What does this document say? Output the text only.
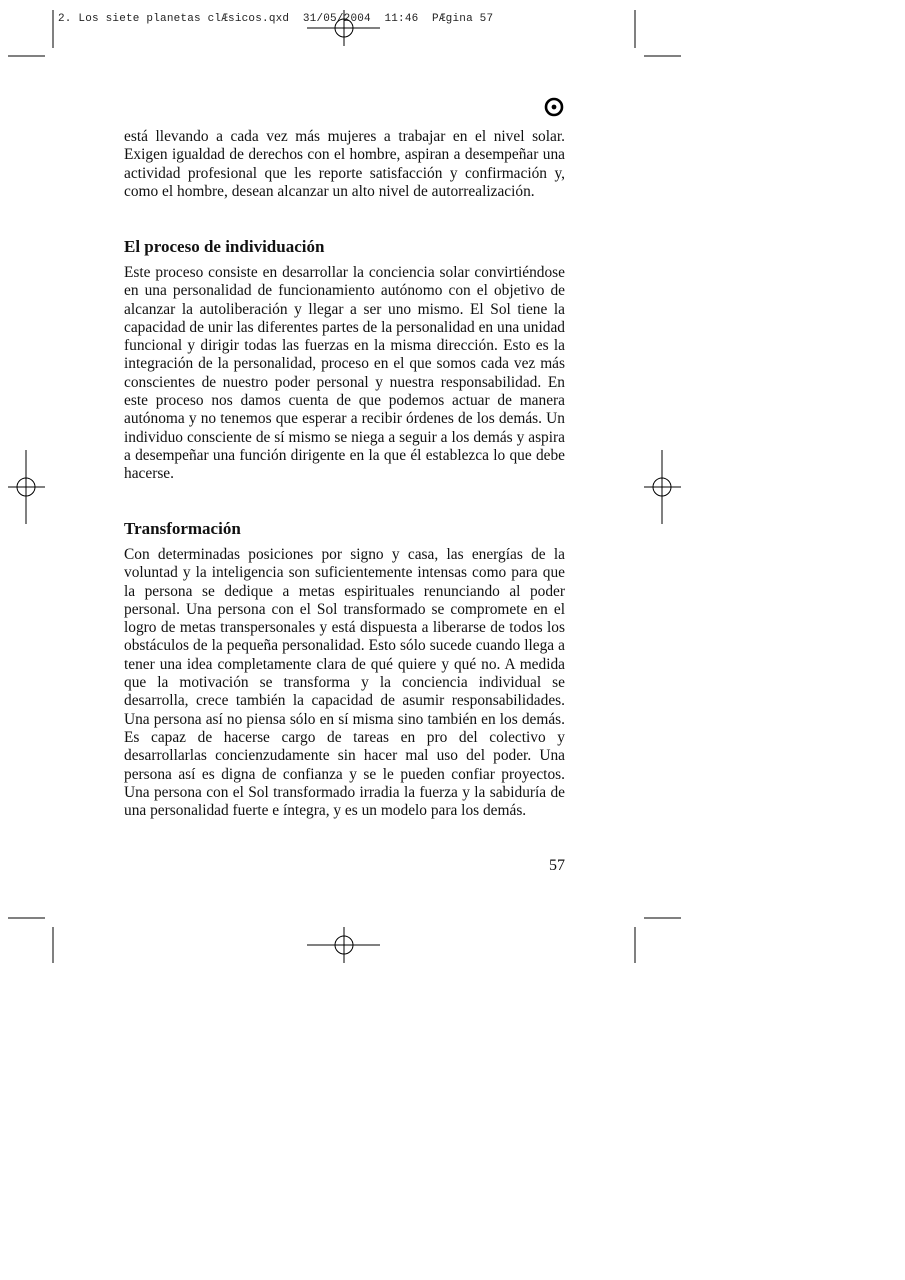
2. Los siete planetas clÆsicos.qxd  31/05/2004  11:46  PÆgina 57

está llevando a cada vez más mujeres a trabajar en el nivel solar. Exigen igualdad de derechos con el hombre, aspiran a desempeñar una actividad profesional que les reporte satisfacción y confirmación y, como el hombre, desean alcanzar un alto nivel de autorrealización.

El proceso de individuación

Este proceso consiste en desarrollar la conciencia solar convirtiéndose en una personalidad de funcionamiento autónomo con el objetivo de alcanzar la autoliberación y llegar a ser uno mismo. El Sol tiene la capacidad de unir las diferentes partes de la personalidad en una unidad funcional y dirigir todas las fuerzas en la misma dirección. Esto es la integración de la personalidad, proceso en el que somos cada vez más conscientes de nuestro poder personal y nuestra responsabilidad. En este proceso nos damos cuenta de que podemos actuar de manera autónoma y no tenemos que esperar a recibir órdenes de los demás. Un individuo consciente de sí mismo se niega a seguir a los demás y aspira a desempeñar una función dirigente en la que él establezca lo que debe hacerse.

Transformación

Con determinadas posiciones por signo y casa, las energías de la voluntad y la inteligencia son suficientemente intensas como para que la persona se dedique a metas espirituales renunciando al poder personal. Una persona con el Sol transformado se compromete en el logro de metas transpersonales y está dispuesta a liberarse de todos los obstáculos de la pequeña personalidad. Esto sólo sucede cuando llega a tener una idea completamente clara de qué quiere y qué no. A medida que la motivación se transforma y la conciencia individual se desarrolla, crece también la capacidad de asumir responsabilidades. Una persona así no piensa sólo en sí misma sino también en los demás. Es capaz de hacerse cargo de tareas en pro del colectivo y desarrollarlas concienzudamente sin hacer mal uso del poder. Una persona así es digna de confianza y se le pueden confiar proyectos. Una persona con el Sol transformado irradia la fuerza y la sabiduría de una personalidad fuerte e íntegra, y es un modelo para los demás.

57
